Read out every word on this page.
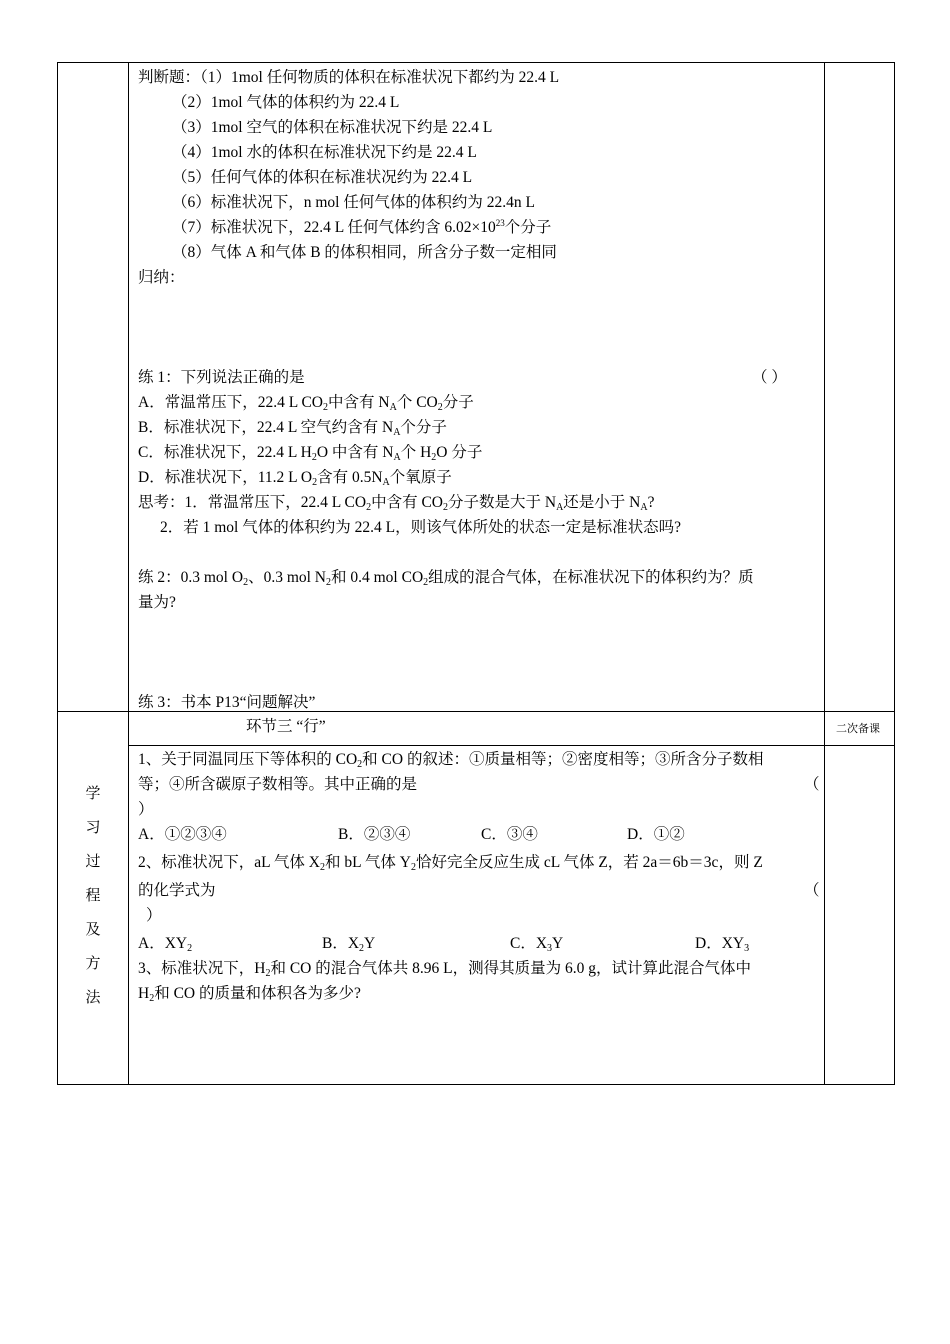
判断题：（1）1mol 任何物质的体积在标准状况下都约为 22.4 L
（2）1mol 气体的体积约为 22.4 L
（3）1mol 空气的体积在标准状况下约是 22.4 L
（4）1mol 水的体积在标准状况下约是 22.4 L
（5）任何气体的体积在标准状况约为 22.4 L
（6）标准状况下，n mol 任何气体的体积约为 22.4n L
（7）标准状况下，22.4 L 任何气体约含 $6.02\times 10^{23}$个分子
（8）气体 A 和气体 B 的体积相同，所含分子数一定相同
归纳：
练 1：下列说法正确的是	（ ）
A．常温常压下，22.4 L $CO_2$中含有 $N_A$个 $CO_2$分子
B．标准状况下，22.4 L 空气约含有 $N_A$个分子
C．标准状况下，22.4 L $H_2O$ 中含有 $N_A$个 $H_2O$ 分子
D．标准状况下，11.2 L $O_2$含有 $0.5N_A$个氧原子
思考：1．常温常压下，22.4 L $CO_2$中含有 $CO_2$分子数是大于 $N_A$还是小于 $N_A$?
2．若 1 mol 气体的体积约为 22.4 L，则该气体所处的状态一定是标准状态吗?
练 2：0.3 mol $O_2$、0.3 mol $N_2$和 0.4 mol $CO_2$组成的混合气体，在标准状况下的体积约为？质
量为?
练 3：书本 P13“问题解决”
环节三 “行”	二次备课
学
习
过
程
及
方
法
1、关于同温同压下等体积的 $CO_2$和 CO 的叙述：①质量相等；②密度相等；③所含分子数相
等；④所含碳原子数相等。其中正确的是	（
）
A．①②③④	B．②③④	C．③④	D．①②
2、标准状况下，aL 气体 $X_2$和 bL 气体 $Y_2$恰好完全反应生成 cL 气体 Z，若 2a＝6b＝3c，则 Z
的化学式为	（
）
A．$XY_2$	B．$X_2Y$	C．$X_3Y$	D．$XY_3$
3、标准状况下，$H_2$和 CO 的混合气体共 8.96 L，测得其质量为 6.0 g，试计算此混合气体中
$H_2$和 CO 的质量和体积各为多少?
